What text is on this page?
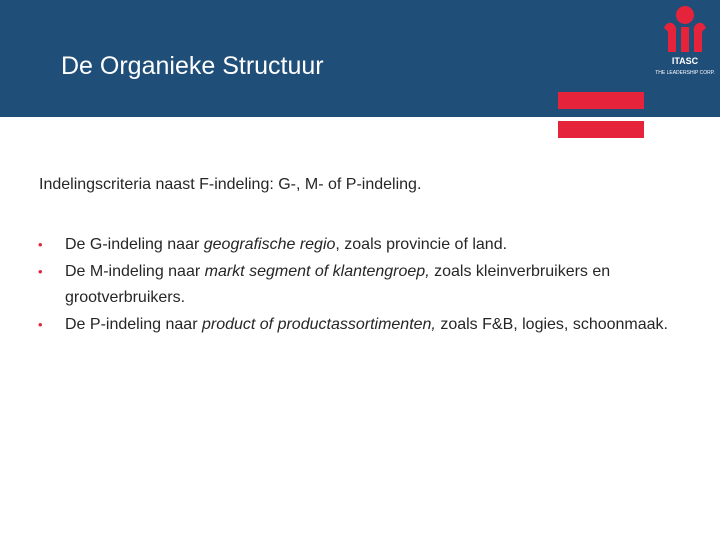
De Organieke Structuur	ITASC
THE LEADERSHIP CORP.
Indelingscriteria naast F-indeling: G-, M- of P-indeling.
• De G-indeling naar geografische regio, zoals provincie of land.
• De M-indeling naar markt segment of klantengroep, zoals kleinverbruikers en grootverbruikers.
• De P-indeling naar product of productassortimenten, zoals F&B, logies, schoonmaak.
